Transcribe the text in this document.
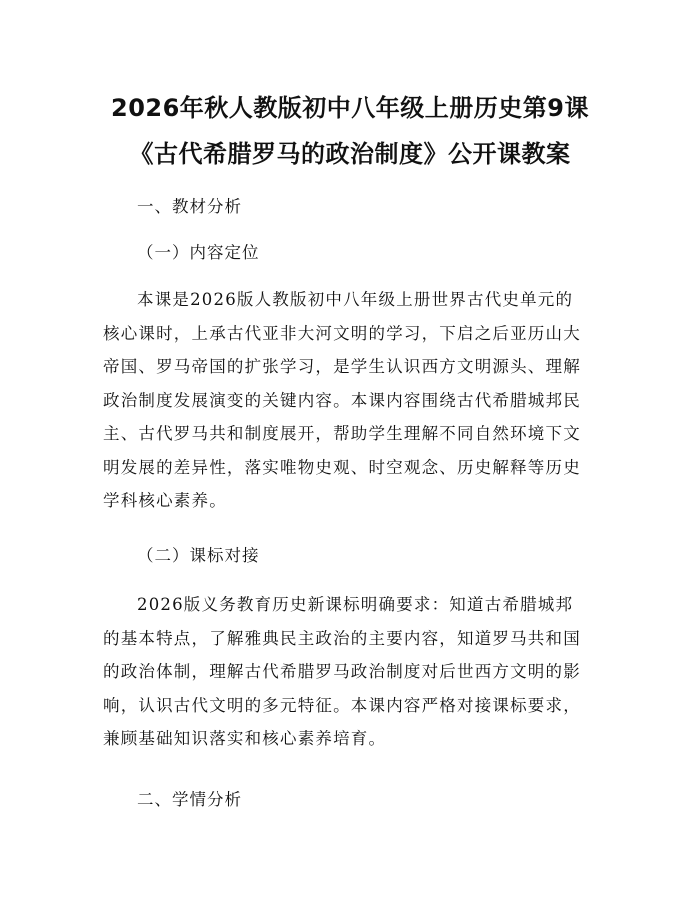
2026年秋人教版初中八年级上册历史第9课
《古代希腊罗马的政治制度》公开课教案
一、教材分析
（一）内容定位
本课是2026版人教版初中八年级上册世界古代史单元的
核心课时，上承古代亚非大河文明的学习，下启之后亚历山大
帝国、罗马帝国的扩张学习，是学生认识西方文明源头、理解
政治制度发展演变的关键内容。本课内容围绕古代希腊城邦民
主、古代罗马共和制度展开，帮助学生理解不同自然环境下文
明发展的差异性，落实唯物史观、时空观念、历史解释等历史
学科核心素养。
（二）课标对接
2026版义务教育历史新课标明确要求：知道古希腊城邦
的基本特点，了解雅典民主政治的主要内容，知道罗马共和国
的政治体制，理解古代希腊罗马政治制度对后世西方文明的影
响，认识古代文明的多元特征。本课内容严格对接课标要求，
兼顾基础知识落实和核心素养培育。
二、学情分析
